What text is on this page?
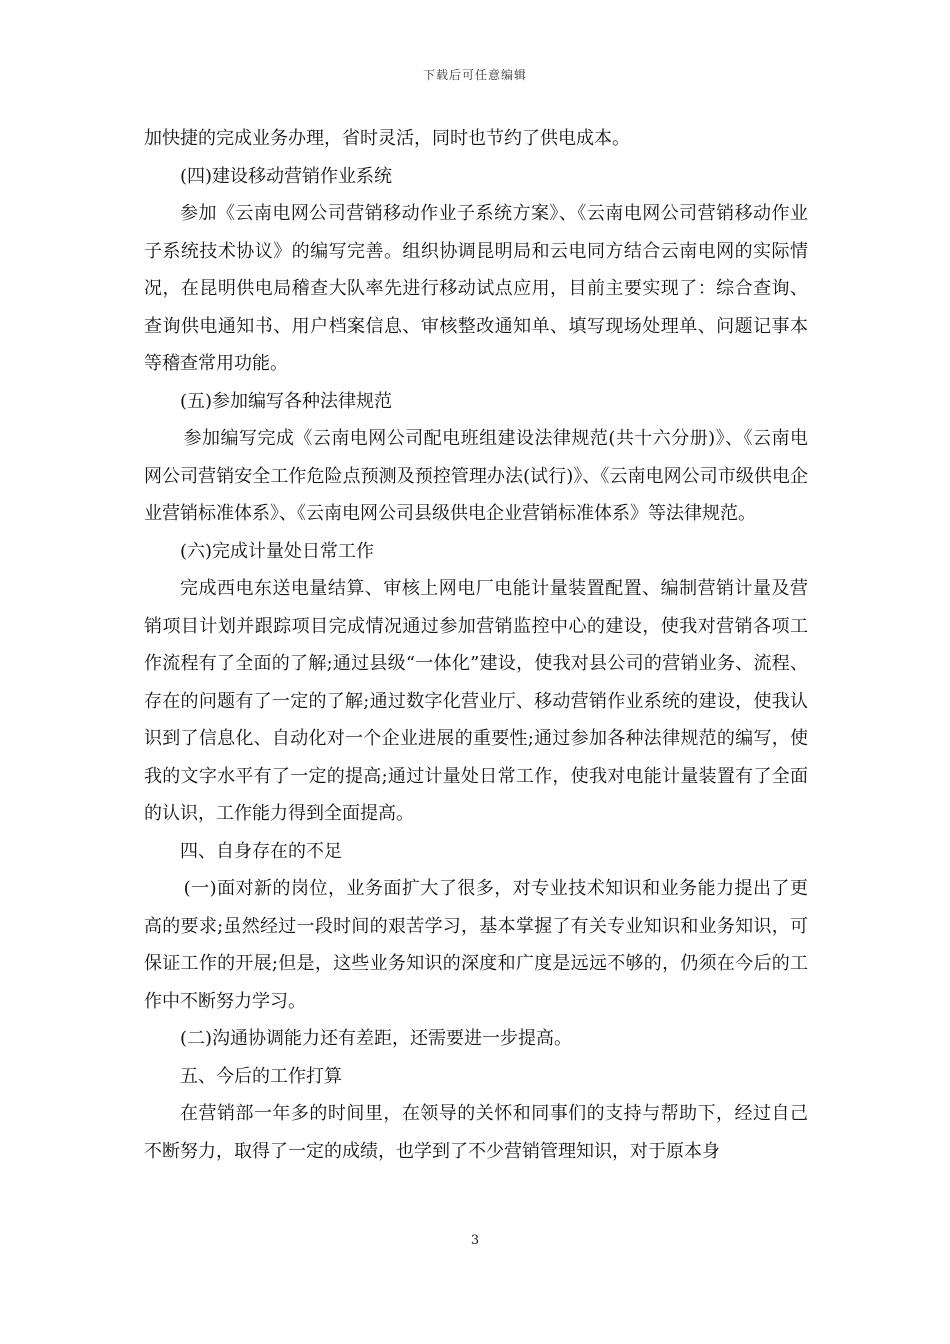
下载后可任意编辑

加快捷的完成业务办理，省时灵活，同时也节约了供电成本。

(四)建设移动营销作业系统

参加《云南电网公司营销移动作业子系统方案》、《云南电网公司营销移动作业子系统技术协议》的编写完善。组织协调昆明局和云电同方结合云南电网的实际情况，在昆明供电局稽查大队率先进行移动试点应用，目前主要实现了：综合查询、查询供电通知书、用户档案信息、审核整改通知单、填写现场处理单、问题记事本等稽查常用功能。

(五)参加编写各种法律规范

参加编写完成《云南电网公司配电班组建设法律规范(共十六分册)》、《云南电网公司营销安全工作危险点预测及预控管理办法(试行)》、《云南电网公司市级供电企业营销标准体系》、《云南电网公司县级供电企业营销标准体系》等法律规范。

(六)完成计量处日常工作

完成西电东送电量结算、审核上网电厂电能计量装置配置、编制营销计量及营销项目计划并跟踪项目完成情况通过参加营销监控中心的建设，使我对营销各项工作流程有了全面的了解;通过县级“一体化”建设，使我对县公司的营销业务、流程、存在的问题有了一定的了解;通过数字化营业厅、移动营销作业系统的建设，使我认识到了信息化、自动化对一个企业进展的重要性;通过参加各种法律规范的编写，使我的文字水平有了一定的提高;通过计量处日常工作，使我对电能计量装置有了全面的认识，工作能力得到全面提高。

四、自身存在的不足

(一)面对新的岗位，业务面扩大了很多，对专业技术知识和业务能力提出了更高的要求;虽然经过一段时间的艰苦学习，基本掌握了有关专业知识和业务知识，可保证工作的开展;但是，这些业务知识的深度和广度是远远不够的，仍须在今后的工作中不断努力学习。

(二)沟通协调能力还有差距，还需要进一步提高。

五、今后的工作打算

在营销部一年多的时间里，在领导的关怀和同事们的支持与帮助下，经过自己不断努力，取得了一定的成绩，也学到了不少营销管理知识，对于原本身

3
